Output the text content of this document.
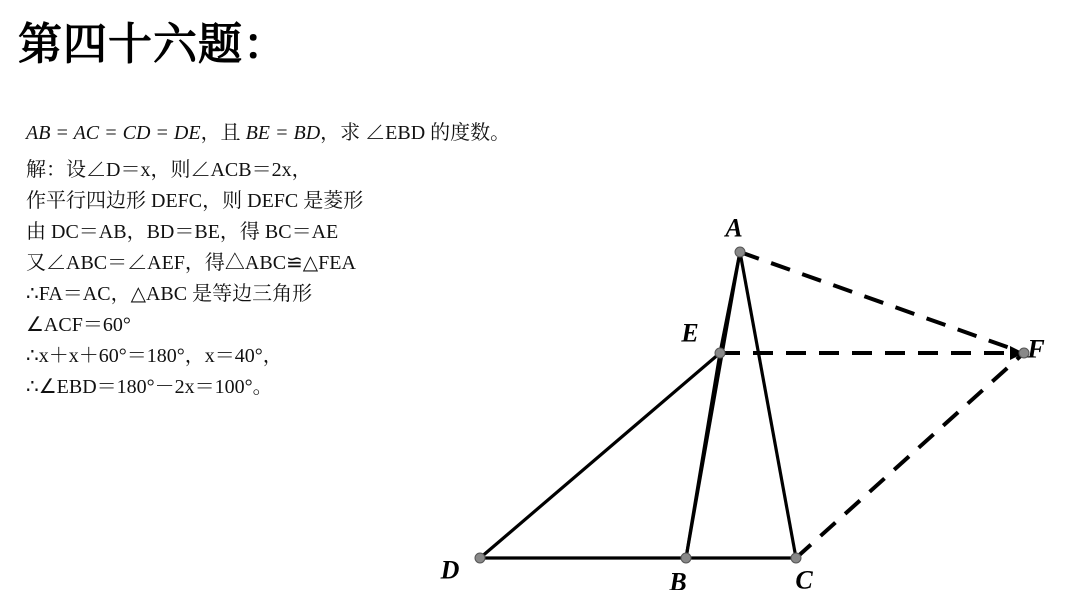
第四十六题：
AB = AC = CD = DE，且 BE = BD，求 ∠EBD 的度数。
解：设∠D＝x，则∠ACB＝2x，
作平行四边形 DEFC，则 DEFC 是菱形
由 DC＝AB，BD＝BE，得 BC＝AE
又∠ABC＝∠AEF，得△ABC≌△FEA
∴FA＝AC，△ABC 是等边三角形
∠ACF＝60°
∴x＋x＋60°＝180°，x＝40°，
∴∠EBD＝180°－2x＝100°。
A
E
F
D	B	C
